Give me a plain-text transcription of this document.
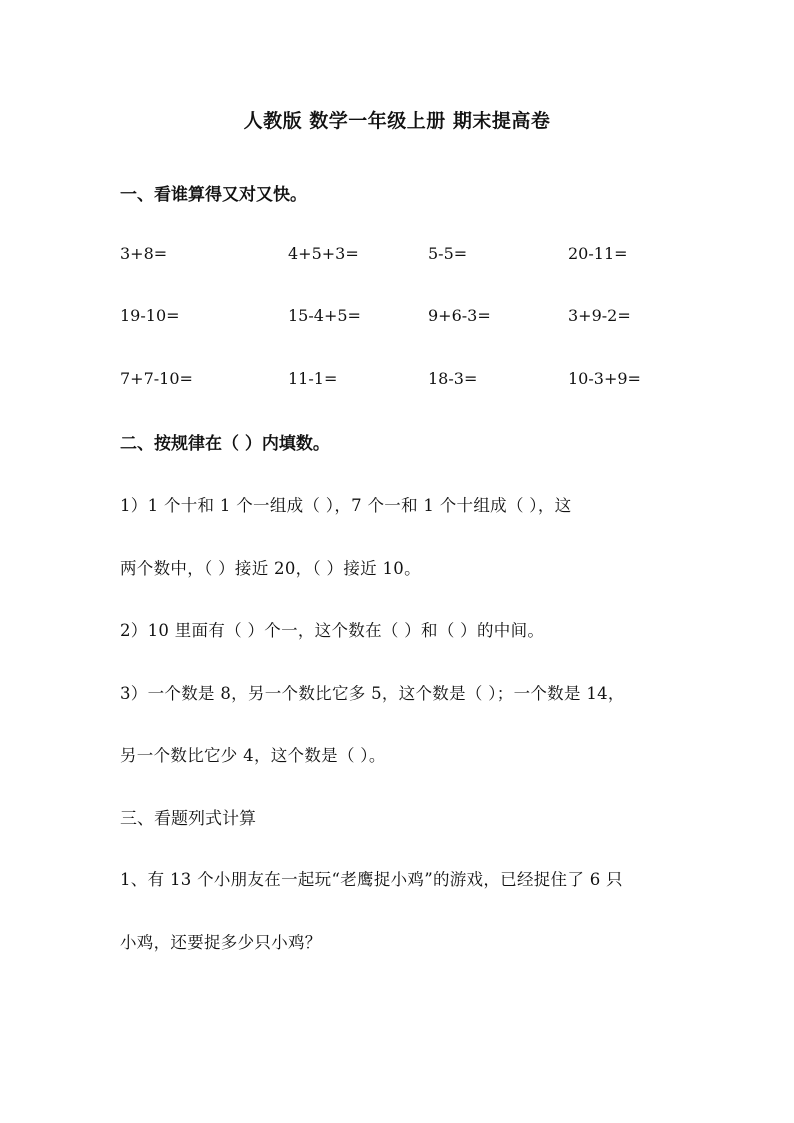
人教版 数学一年级上册 期末提高卷
一、看谁算得又对又快。
3+8=	4+5+3=	5-5=	20-11=
19-10=	15-4+5=	9+6-3=	3+9-2=
7+7-10=	11-1=	18-3=	10-3+9=
二、按规律在（ ）内填数。
1）1 个十和 1 个一组成（ ），7 个一和 1 个十组成（ ），这
两个数中，（ ）接近 20，（ ）接近 10。
2）10 里面有（ ）个一，这个数在（ ）和（ ）的中间。
3）一个数是 8，另一个数比它多 5，这个数是（ ）；一个数是 14，
另一个数比它少 4，这个数是（ ）。
三、看题列式计算
1、有 13 个小朋友在一起玩“老鹰捉小鸡”的游戏，已经捉住了 6 只
小鸡，还要捉多少只小鸡？
